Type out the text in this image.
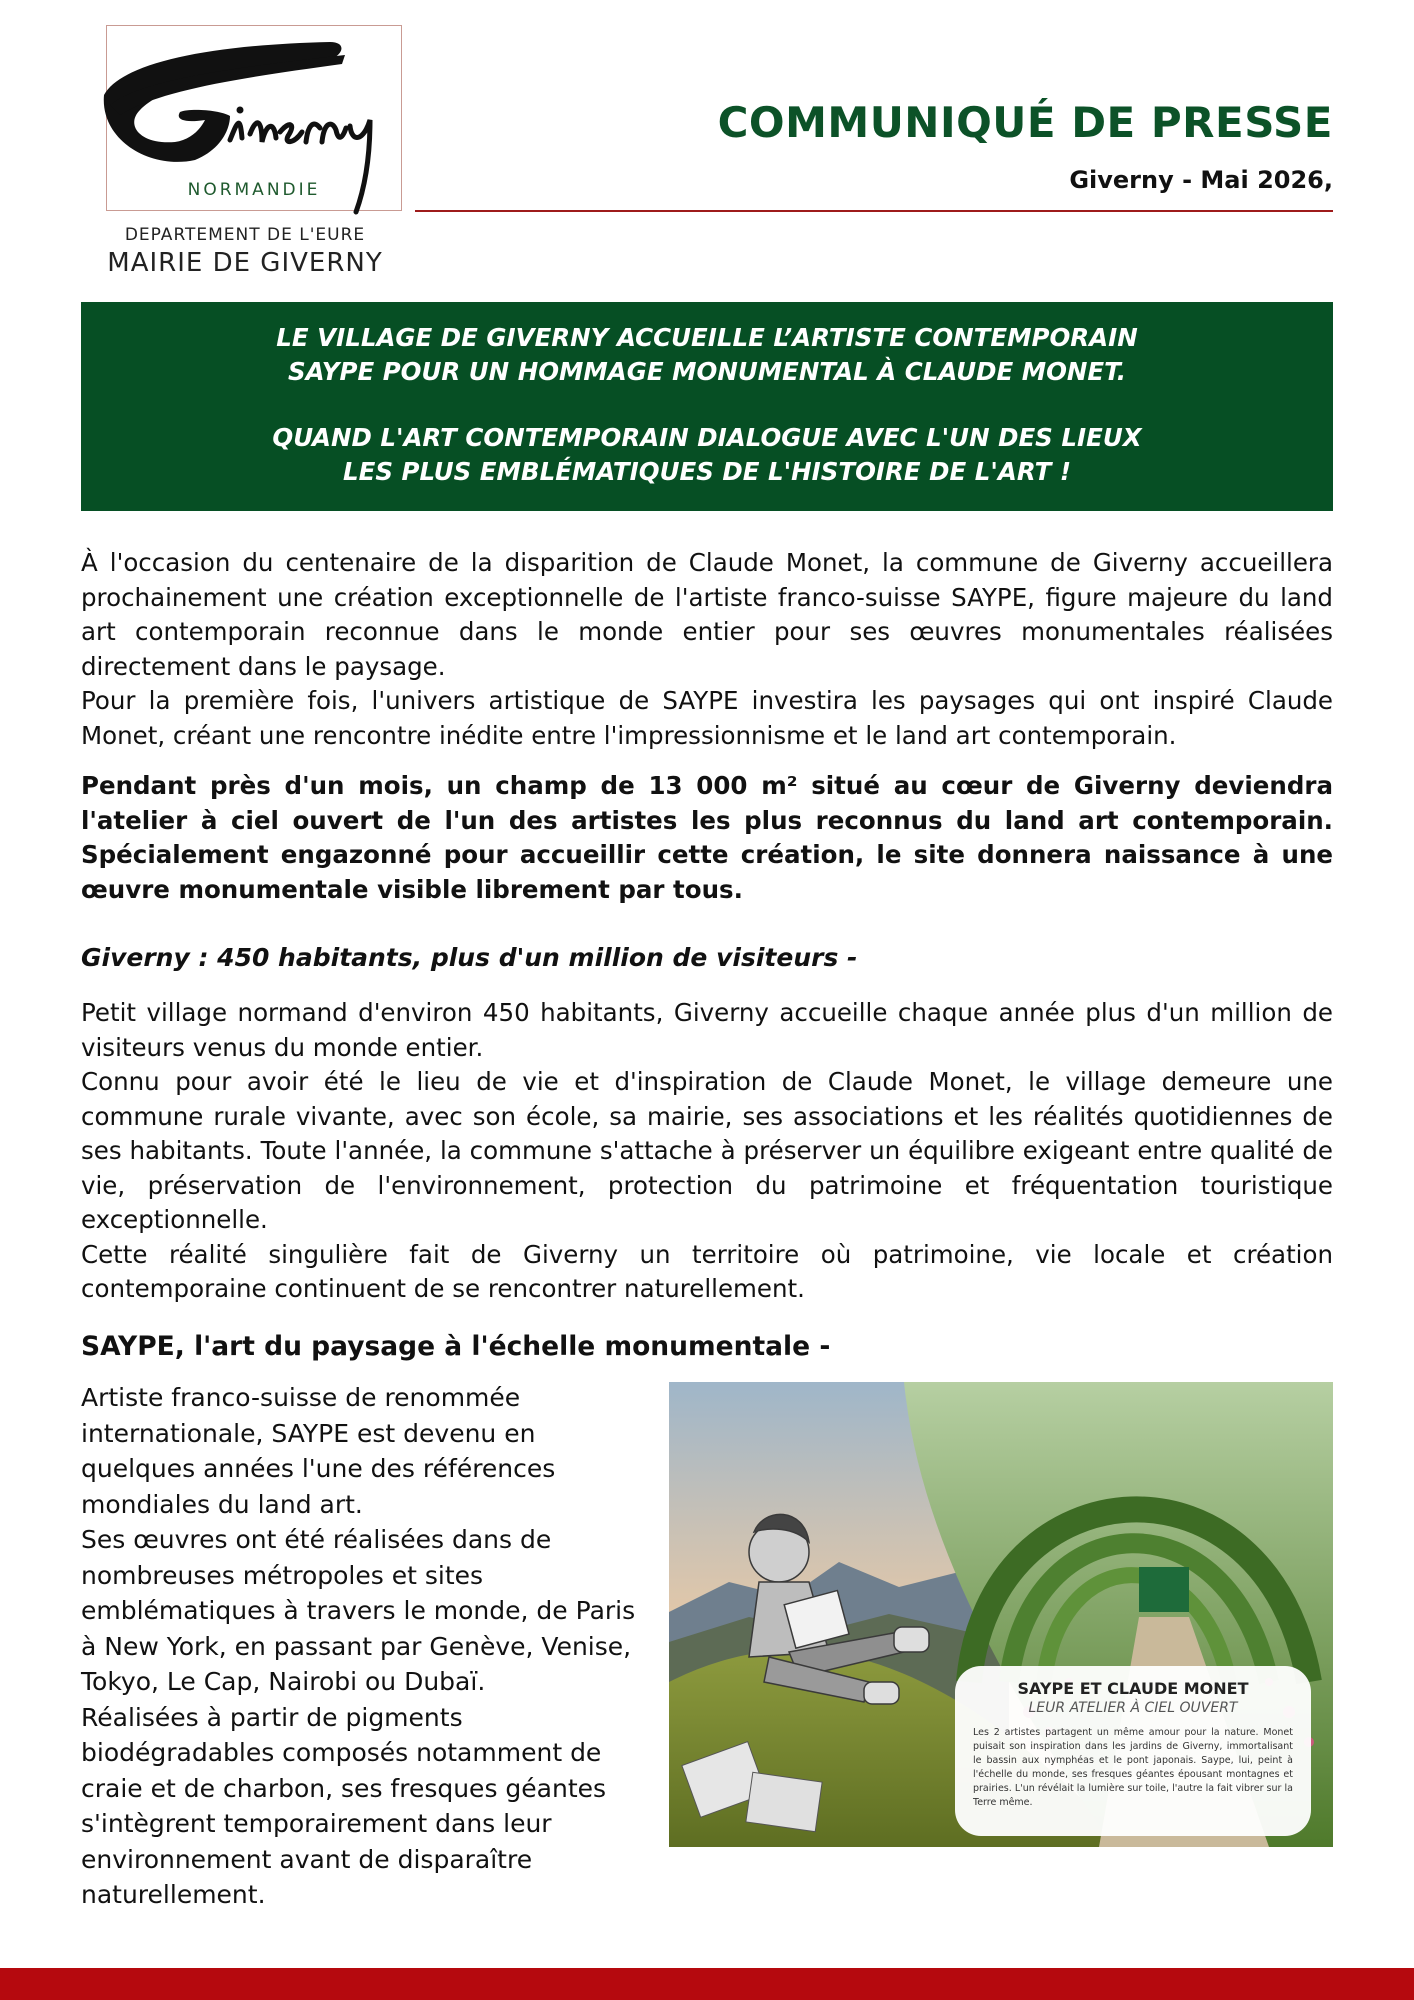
NORMANDIE
DEPARTEMENT DE L'EURE
MAIRIE DE GIVERNY
COMMUNIQUÉ DE PRESSE
Giverny - Mai 2026,

LE VILLAGE DE GIVERNY ACCUEILLE L’ARTISTE CONTEMPORAIN

SAYPE POUR UN HOMMAGE MONUMENTAL À CLAUDE MONET.

QUAND L'ART CONTEMPORAIN DIALOGUE AVEC L'UN DES LIEUX

LES PLUS EMBLÉMATIQUES DE L'HISTOIRE DE L'ART !

À l'occasion du centenaire de la disparition de Claude Monet, la commune de Giverny accueillera prochainement une création exceptionnelle de l'artiste franco-suisse SAYPE, figure majeure du land art contemporain reconnue dans le monde entier pour ses œuvres monumentales réalisées directement dans le paysage.

Pour la première fois, l'univers artistique de SAYPE investira les paysages qui ont inspiré Claude Monet, créant une rencontre inédite entre l'impressionnisme et le land art contemporain.

Pendant près d'un mois, un champ de 13 000 m² situé au cœur de Giverny deviendra l'atelier à ciel ouvert de l'un des artistes les plus reconnus du land art contemporain. Spécialement engazonné pour accueillir cette création, le site donnera naissance à une œuvre monumentale visible librement par tous.

Giverny : 450 habitants, plus d'un million de visiteurs -

Petit village normand d'environ 450 habitants, Giverny accueille chaque année plus d'un million de visiteurs venus du monde entier.

Connu pour avoir été le lieu de vie et d'inspiration de Claude Monet, le village demeure une commune rurale vivante, avec son école, sa mairie, ses associations et les réalités quotidiennes de ses habitants. Toute l'année, la commune s'attache à préserver un équilibre exigeant entre qualité de vie, préservation de l'environnement, protection du patrimoine et fréquentation touristique exceptionnelle.

Cette réalité singulière fait de Giverny un territoire où patrimoine, vie locale et création contemporaine continuent de se rencontrer naturellement.

SAYPE, l'art du paysage à l'échelle monumentale -

Artiste franco-suisse de renommée internationale, SAYPE est devenu en quelques années l'une des références mondiales du land art.

Ses œuvres ont été réalisées dans de nombreuses métropoles et sites emblématiques à travers le monde, de Paris à New York, en passant par Genève, Venise, Tokyo, Le Cap, Nairobi ou Dubaï.

Réalisées à partir de pigments biodégradables composés notamment de craie et de charbon, ses fresques géantes s'intègrent temporairement dans leur environnement avant de disparaître naturellement.

SAYPE ET CLAUDE MONET
LEUR ATELIER À CIEL OUVERT
Les 2 artistes partagent un même amour pour la nature. Monet puisait son inspiration dans les jardins de Giverny, immortalisant le bassin aux nymphéas et le pont japonais. Saype, lui, peint à l'échelle du monde, ses fresques géantes épousant montagnes et prairies. L'un révélait la lumière sur toile, l'autre la fait vibrer sur la Terre même.
